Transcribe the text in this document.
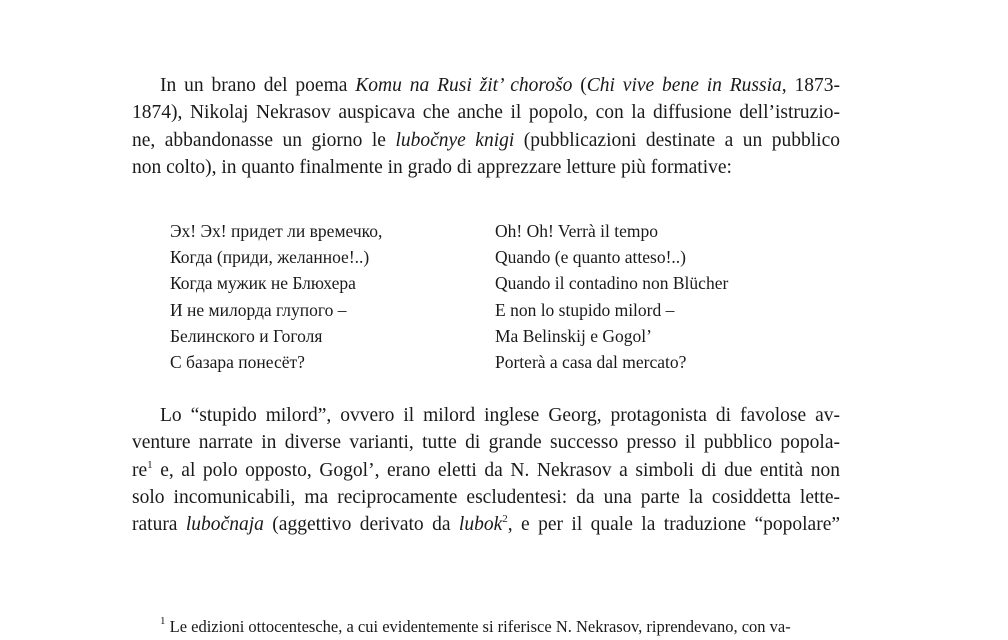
In un brano del poema Komu na Rusi žit’ chorošo (Chi vive bene in Russia, 1873-
1874), Nikolaj Nekrasov auspicava che anche il popolo, con la diffusione dell’istruzio-
ne, abbandonasse un giorno le lubočnye knigi (pubblicazioni destinate a un pubblico
non colto), in quanto finalmente in grado di apprezzare letture più formative:
Эх! Эх! придет ли времечко,
Когда (приди, желанное!..)
Когда мужик не Блюхера
И не милорда глупого –
Белинского и Гоголя
С базара понесёт?
Oh! Oh! Verrà il tempo
Quando (e quanto atteso!..)
Quando il contadino non Blücher
E non lo stupido milord –
Ma Belinskij e Gogol’
Porterà a casa dal mercato?
Lo “stupido milord”, ovvero il milord inglese Georg, protagonista di favolose av-
venture narrate in diverse varianti, tutte di grande successo presso il pubblico popola-
$re^1$ e, al polo opposto, Gogol’, erano eletti da N. Nekrasov a simboli di due entità non
solo incomunicabili, ma reciprocamente escludentesi: da una parte la cosiddetta lette-
ratura lubočnaja (aggettivo derivato da lubok$^2$, e per il quale la traduzione “popolare”
$^1$ Le edizioni ottocentesche, a cui evidentemente si riferisce N. Nekrasov, riprendevano, con va-
